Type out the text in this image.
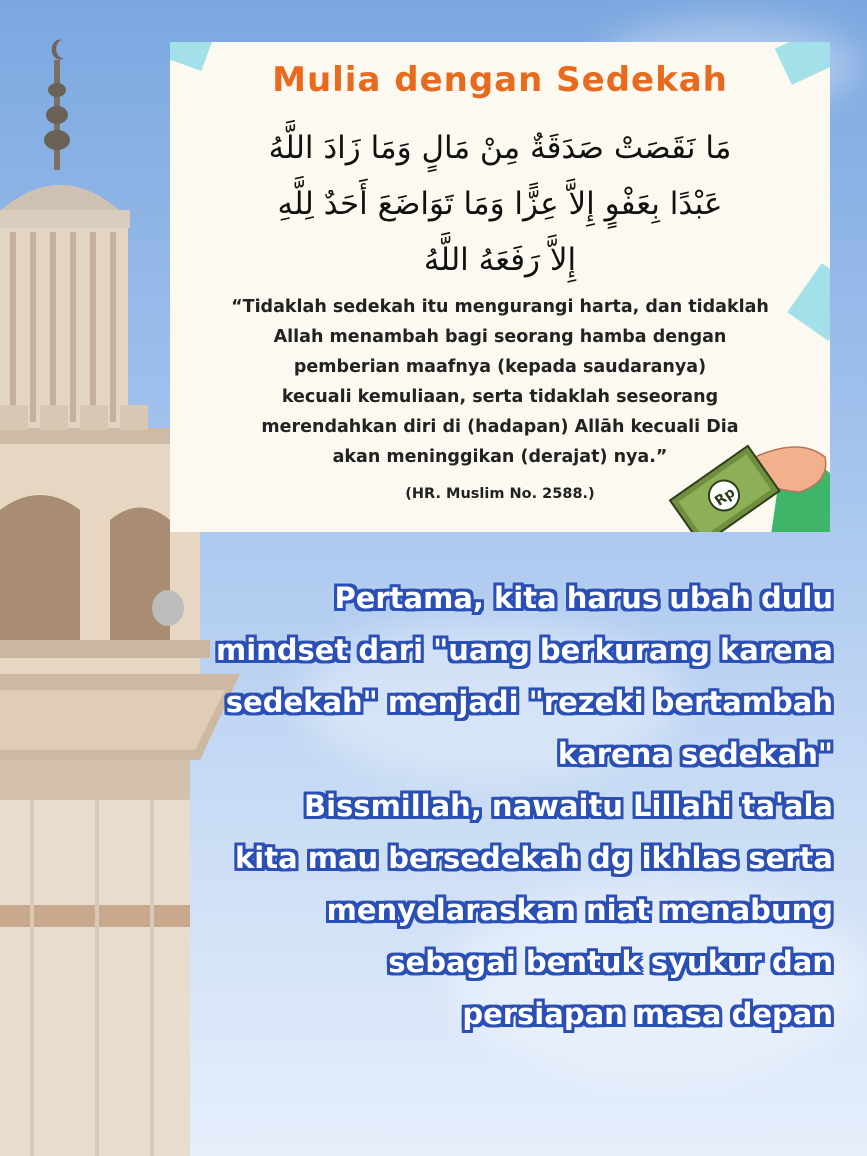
Mulia dengan Sedekah
مَا نَقَصَتْ صَدَقَةٌ مِنْ مَالٍ وَمَا زَادَ اللَّهُ
عَبْدًا بِعَفْوٍ إِلاَّ عِزًّا وَمَا تَوَاضَعَ أَحَدٌ لِلَّهِ
إِلاَّ رَفَعَهُ اللَّهُ
“Tidaklah sedekah itu mengurangi harta, dan tidaklah
Allah menambah bagi seorang hamba dengan
pemberian maafnya (kepada saudaranya)
kecuali kemuliaan, serta tidaklah seseorang
merendahkan diri di (hadapan) Allāh kecuali Dia
akan meninggikan (derajat) nya.”
(HR. Muslim No. 2588.)	Rp
Pertama, kita harus ubah dulu
mindset dari "uang berkurang karena
sedekah" menjadi "rezeki bertambah
karena sedekah"
Bissmillah, nawaitu Lillahi ta'ala
kita mau bersedekah dg ikhlas serta
menyelaraskan niat menabung
sebagai bentuk syukur dan
persiapan masa depan
